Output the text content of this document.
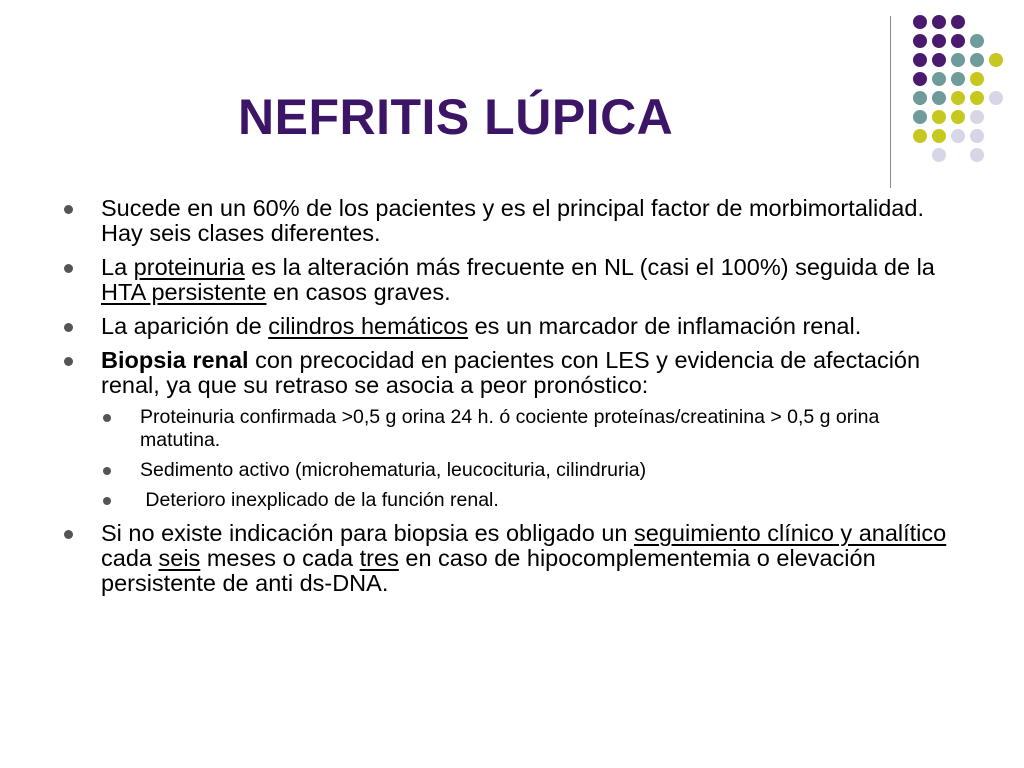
NEFRITIS LÚPICA
Sucede en un 60% de los pacientes y es el principal factor de morbimortalidad. Hay seis clases diferentes.
La proteinuria es la alteración más frecuente en NL (casi el 100%) seguida de la HTA persistente en casos graves.
La aparición de cilindros hemáticos es un marcador de inflamación renal.
Biopsia renal con precocidad en pacientes con LES y evidencia de afectación renal, ya que su retraso se asocia a peor pronóstico:
Proteinuria confirmada >0,5 g orina 24 h. ó cociente proteínas/creatinina > 0,5 g orina matutina.
Sedimento activo (microhematuria, leucocituria, cilindruria)
Deterioro inexplicado de la función renal.
Si no existe indicación para biopsia es obligado un seguimiento clínico y analítico cada seis meses o cada tres en caso de hipocomplementemia o elevación persistente de anti ds-DNA.
